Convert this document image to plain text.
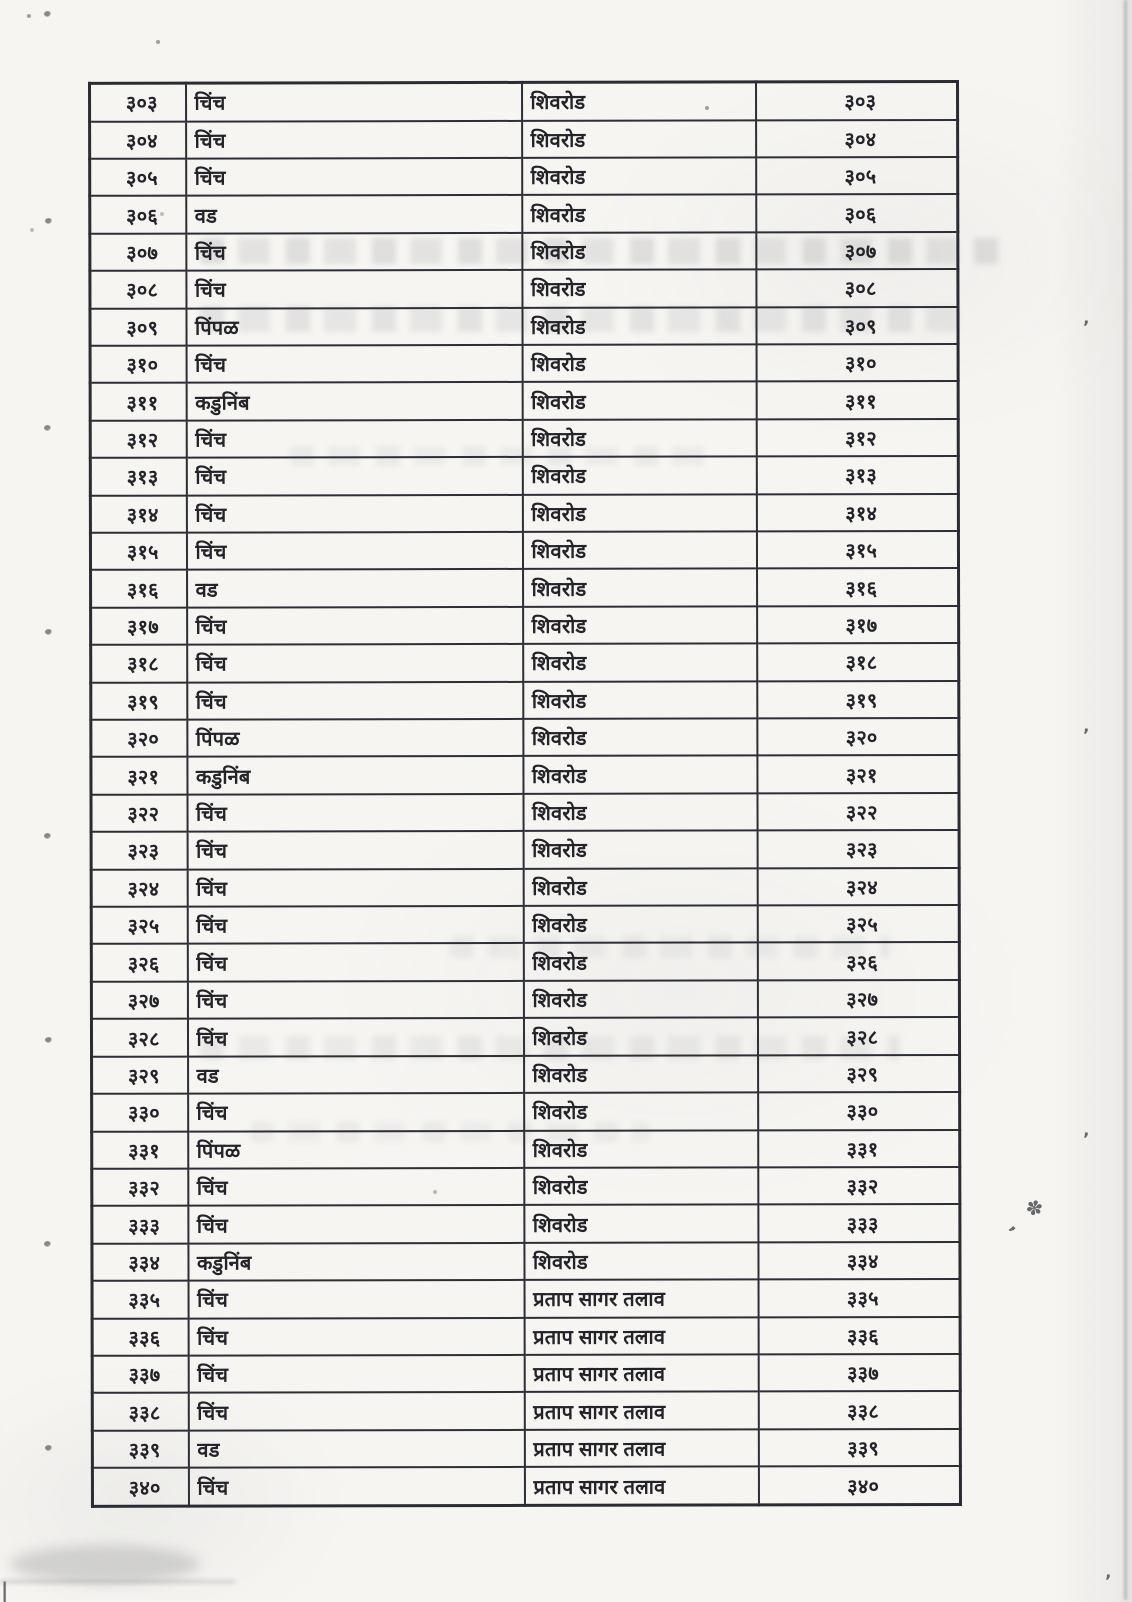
३०३	चिंच	शिवरोड	३०३
३०४	चिंच	शिवरोड	३०४
३०५	चिंच	शिवरोड	३०५
३०६	वड	शिवरोड	३०६
३०७	चिंच	शिवरोड	३०७
३०८	चिंच	शिवरोड	३०८
३०९	पिंपळ	शिवरोड	३०९
३१०	चिंच	शिवरोड	३१०
३११	कडुनिंब	शिवरोड	३११
३१२	चिंच	शिवरोड	३१२
३१३	चिंच	शिवरोड	३१३
३१४	चिंच	शिवरोड	३१४
३१५	चिंच	शिवरोड	३१५
३१६	वड	शिवरोड	३१६
३१७	चिंच	शिवरोड	३१७
३१८	चिंच	शिवरोड	३१८
३१९	चिंच	शिवरोड	३१९
३२०	पिंपळ	शिवरोड	३२०
३२१	कडुनिंब	शिवरोड	३२१
३२२	चिंच	शिवरोड	३२२
३२३	चिंच	शिवरोड	३२३
३२४	चिंच	शिवरोड	३२४
३२५	चिंच	शिवरोड	३२५
३२६	चिंच	शिवरोड	३२६
३२७	चिंच	शिवरोड	३२७
३२८	चिंच	शिवरोड	३२८
३२९	वड	शिवरोड	३२९
३३०	चिंच	शिवरोड	३३०
३३१	पिंपळ	शिवरोड	३३१
३३२	चिंच	शिवरोड	३३२
३३३	चिंच	शिवरोड	३३३
३३४	कडुनिंब	शिवरोड	३३४
३३५	चिंच	प्रताप सागर तलाव	३३५
३३६	चिंच	प्रताप सागर तलाव	३३६
३३७	चिंच	प्रताप सागर तलाव	३३७
३३८	चिंच	प्रताप सागर तलाव	३३८
३३९	वड	प्रताप सागर तलाव	३३९
३४०	चिंच	प्रताप सागर तलाव	३४०
’
’
’
✽
‚
’
|
